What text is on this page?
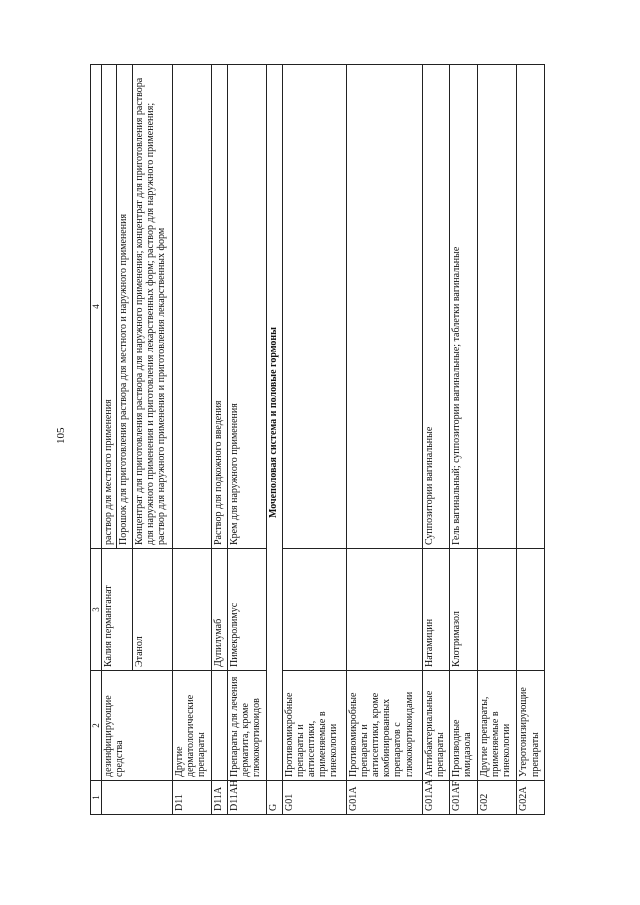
105
1	2	3	4
	дезинфицирующие средства	Калия перманганат	раствор для местного применения
			Порошок для приготовления раствора для местного и наружного применения
		Этанол	Концентрат для приготовления раствора для наружного применения; концентрат для приготовления раствора для наружного применения и приготовления лекарственных форм; раствор для наружного применения; раствор для наружного применения и приготовления лекарственных форм
D11	Другие дерматологические препараты		
D11A		Дупилумаб	Раствор для подкожного введения
D11AH	Препараты для лечения дерматита, кроме глюкокортикоидов	Пимекролимус	Крем для наружного применения
G	Мочеполовая система и половые гормоны		
G01	Противомикробные препараты и антисептики, применяемые в гинекологии		
G01A	Противомикробные препараты и антисептики, кроме комбинированных препаратов с глюкокортикоидами		
G01AA	Антибактериальные препараты	Натамицин	Суппозитории вагинальные
G01AF	Производные имидазола	Клотримазол	Гель вагинальный; суппозитории вагинальные; таблетки вагинальные
G02	Другие препараты, применяемые в гинекологии		
G02A	Утеротонизирующие препараты		
